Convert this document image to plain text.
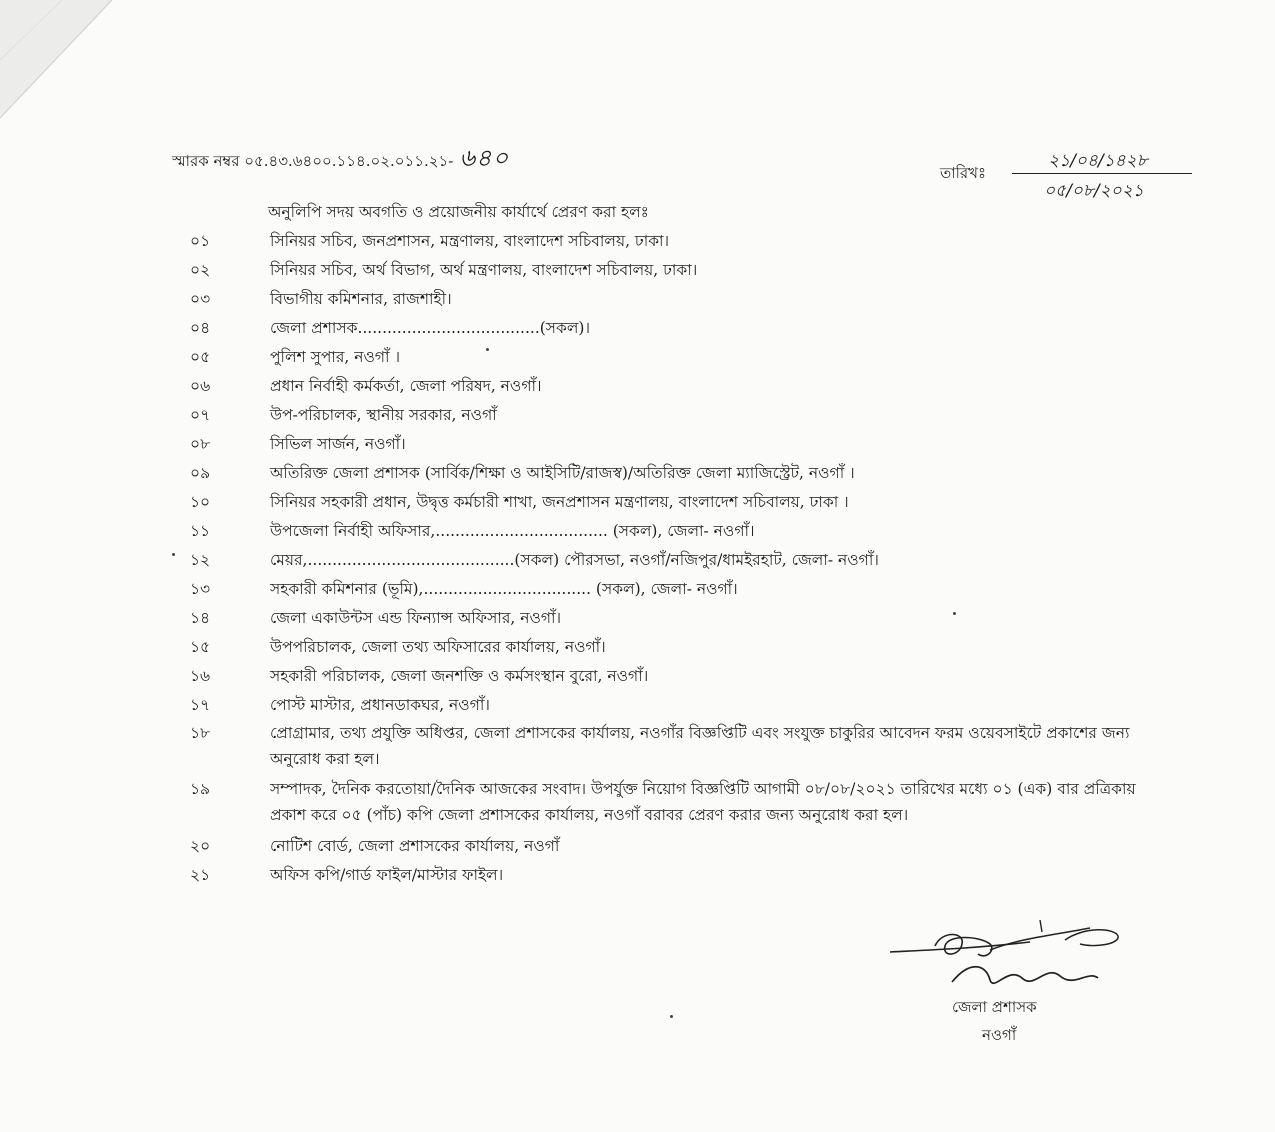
স্মারক নম্বর ০৫.৪৩.৬৪০০.১১৪.০২.০১১.২১- ৬৪০
তারিখঃ
২১/০৪/১৪২৮
০৫/০৮/২০২১
অনুলিপি সদয় অবগতি ও প্রয়োজনীয় কার্যার্থে প্রেরণ করা হলঃ
০১	সিনিয়র সচিব, জনপ্রশাসন, মন্ত্রণালয়, বাংলাদেশ সচিবালয়, ঢাকা।
০২	সিনিয়র সচিব, অর্থ বিভাগ, অর্থ মন্ত্রণালয়, বাংলাদেশ সচিবালয়, ঢাকা।
০৩	বিভাগীয় কমিশনার, রাজশাহী।
০৪	জেলা প্রশাসক.....................................(সকল)।
০৫	পুলিশ সুপার, নওগাঁ ।
০৬	প্রধান নির্বাহী কর্মকর্তা, জেলা পরিষদ, নওগাঁ।
০৭	উপ-পরিচালক, স্থানীয় সরকার, নওগাঁ
০৮	সিভিল সার্জন, নওগাঁ।
০৯	অতিরিক্ত জেলা প্রশাসক (সার্বিক/শিক্ষা ও আইসিটি/রাজস্ব)/অতিরিক্ত জেলা ম্যাজিস্ট্রেট, নওগাঁ ।
১০	সিনিয়র সহকারী প্রধান, উদ্বৃত্ত কর্মচারী শাখা, জনপ্রশাসন মন্ত্রণালয়, বাংলাদেশ সচিবালয়, ঢাকা ।
১১	উপজেলা নির্বাহী অফিসার,................................... (সকল), জেলা- নওগাঁ।
১২	মেয়র,..........................................(সকল) পৌরসভা, নওগাঁ/নজিপুর/ধামইরহাট, জেলা- নওগাঁ।
১৩	সহকারী কমিশনার (ভূমি),.................................. (সকল), জেলা- নওগাঁ।
১৪	জেলা একাউন্টস এন্ড ফিন্যান্স অফিসার, নওগাঁ।
১৫	উপপরিচালক, জেলা তথ্য অফিসারের কার্যালয়, নওগাঁ।
১৬	সহকারী পরিচালক, জেলা জনশক্তি ও কর্মসংস্থান বুরো, নওগাঁ।
১৭	পোস্ট মাস্টার, প্রধানডাকঘর, নওগাঁ।
১৮	প্রোগ্রামার, তথ্য প্রযুক্তি অধিপ্তর, জেলা প্রশাসকের কার্যালয়, নওগাঁর বিজ্ঞপ্তিটি এবং সংযুক্ত চাকুরির আবেদন ফরম ওয়েবসাইটে প্রকাশের জন্য অনুরোধ করা হল।
১৯	সম্পাদক, দৈনিক করতোয়া/দৈনিক আজকের সংবাদ। উপর্যুক্ত নিয়োগ বিজ্ঞপ্তিটি আগামী ০৮/০৮/২০২১ তারিখের মধ্যে ০১ (এক) বার প্রত্রিকায় প্রকাশ করে ০৫ (পাঁচ) কপি জেলা প্রশাসকের কার্যালয়, নওগাঁ বরাবর প্রেরণ করার জন্য অনুরোধ করা হল।
২০	নোটিশ বোর্ড, জেলা প্রশাসকের কার্যালয়, নওগাঁ
২১	অফিস কপি/গার্ড ফাইল/মাস্টার ফাইল।
জেলা প্রশাসক
নওগাঁ
